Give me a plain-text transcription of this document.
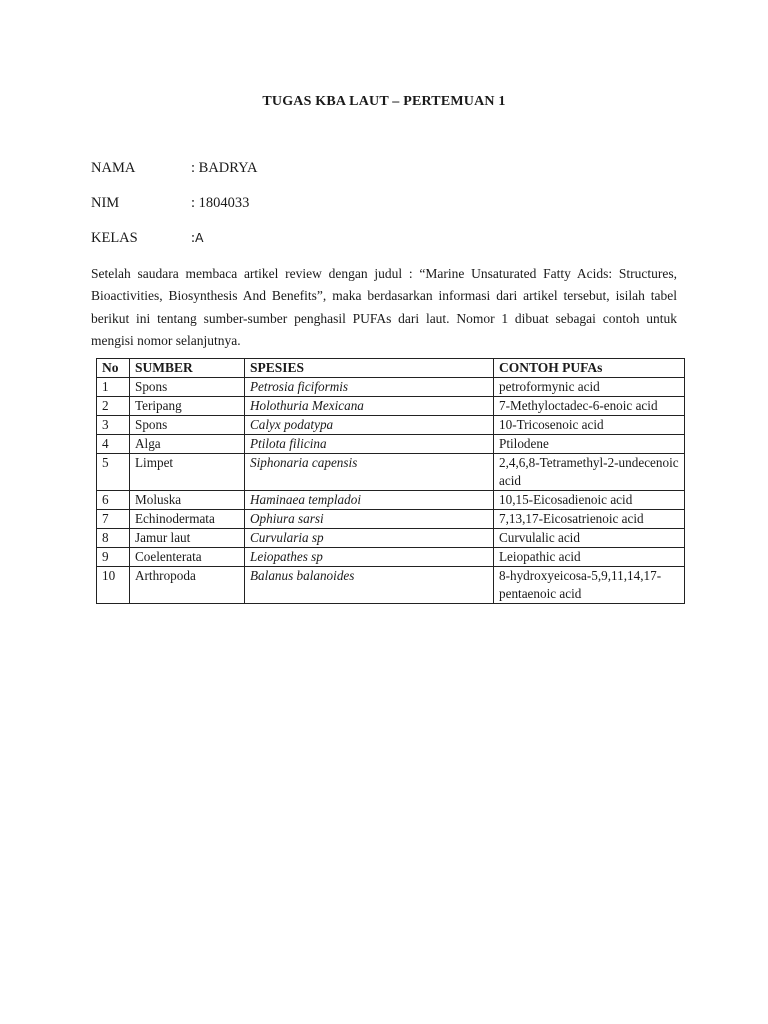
TUGAS KBA LAUT – PERTEMUAN 1
NAMA	: BADRYA
NIM	: 1804033
KELAS	:A
Setelah saudara membaca artikel review dengan judul : “Marine Unsaturated Fatty Acids: Structures, Bioactivities, Biosynthesis And Benefits”, maka berdasarkan informasi dari artikel tersebut, isilah tabel berikut ini tentang sumber-sumber penghasil PUFAs dari laut. Nomor 1 dibuat sebagai contoh untuk mengisi nomor selanjutnya.
No	SUMBER	SPESIES	CONTOH PUFAs
1	Spons	Petrosia ficiformis	petroformynic acid
2	Teripang	Holothuria Mexicana	7-Methyloctadec-6-enoic acid
3	Spons	Calyx podatypa	10-Tricosenoic acid
4	Alga	Ptilota filicina	Ptilodene
5	Limpet	Siphonaria capensis	2,4,6,8-Tetramethyl-2-undecenoic acid
6	Moluska	Haminaea templadoi	10,15-Eicosadienoic acid
7	Echinodermata	Ophiura sarsi	7,13,17-Eicosatrienoic acid
8	Jamur laut	Curvularia sp	Curvulalic acid
9	Coelenterata	Leiopathes sp	Leiopathic acid
10	Arthropoda	Balanus balanoides	8-hydroxyeicosa-5,9,11,14,17- pentaenoic acid
